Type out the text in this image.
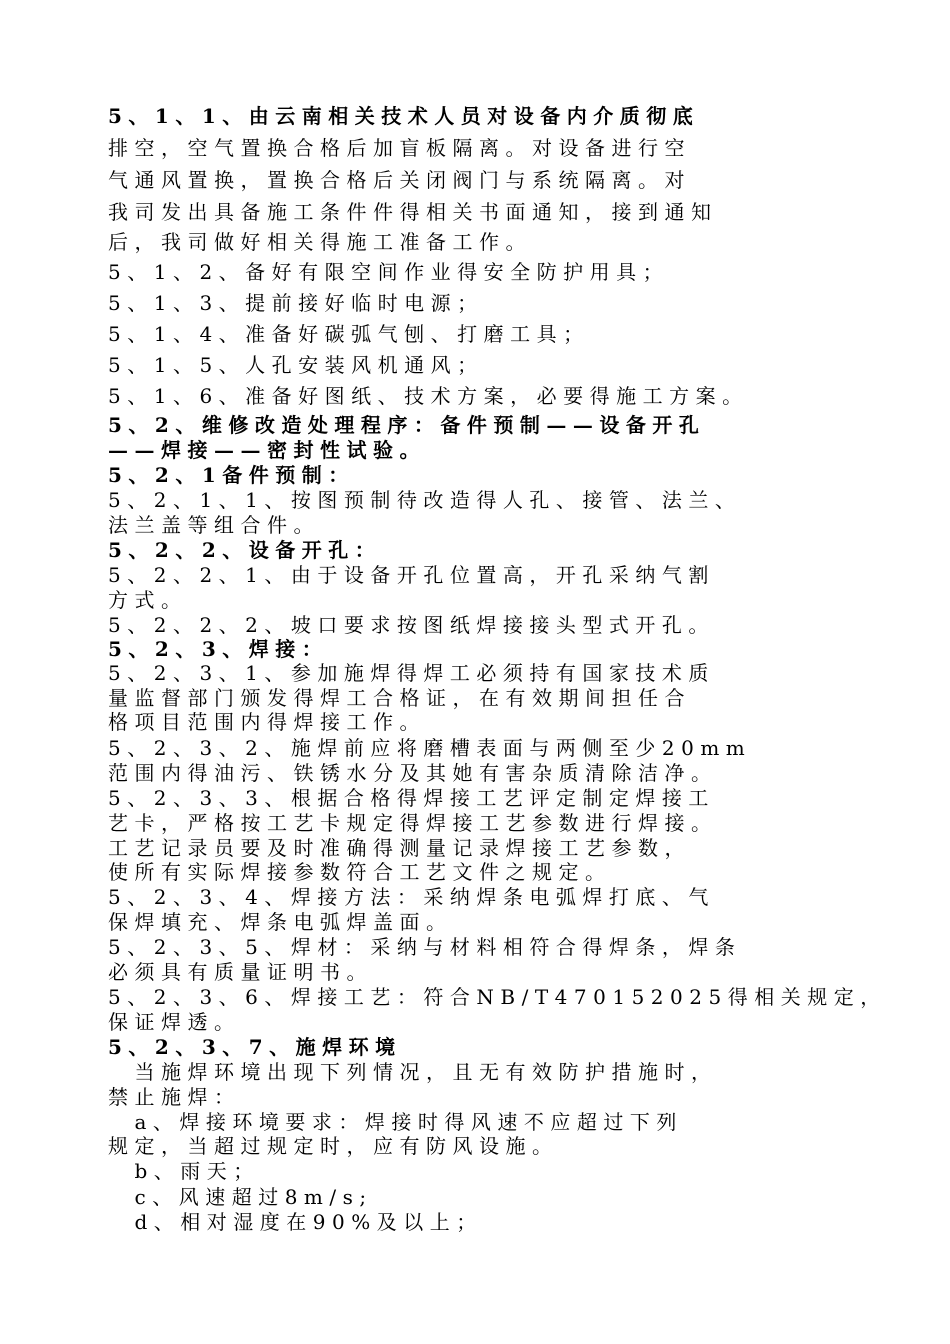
5、1、1、由云南相关技术人员对设备内介质彻底
排空，空气置换合格后加盲板隔离。对设备进行空
气通风置换，置换合格后关闭阀门与系统隔离。对
我司发出具备施工条件件得相关书面通知，接到通知
后，我司做好相关得施工准备工作。
5、1、2、备好有限空间作业得安全防护用具；
5、1、3、提前接好临时电源；
5、1、4、准备好碳弧气刨、打磨工具；
5、1、5、人孔安装风机通风；
5、1、6、准备好图纸、技术方案，必要得施工方案。
5、2、维修改造处理程序：备件预制——设备开孔
——焊接——密封性试验。
5、2、1备件预制：
5、2、1、1、按图预制待改造得人孔、接管、法兰、
法兰盖等组合件。
5、2、2、设备开孔：
5、2、2、1、由于设备开孔位置高，开孔采纳气割
方式。
5、2、2、2、坡口要求按图纸焊接接头型式开孔。
5、2、3、焊接：
5、2、3、1、参加施焊得焊工必须持有国家技术质
量监督部门颁发得焊工合格证，在有效期间担任合
格项目范围内得焊接工作。
5、2、3、2、施焊前应将磨槽表面与两侧至少20mm
范围内得油污、铁锈水分及其她有害杂质清除洁净。
5、2、3、3、根据合格得焊接工艺评定制定焊接工
艺卡，严格按工艺卡规定得焊接工艺参数进行焊接。
工艺记录员要及时准确得测量记录焊接工艺参数，
使所有实际焊接参数符合工艺文件之规定。
5、2、3、4、焊接方法：采纳焊条电弧焊打底、气
保焊填充、焊条电弧焊盖面。
5、2、3、5、焊材：采纳与材料相符合得焊条，焊条
必须具有质量证明书。
5、2、3、6、焊接工艺：符合NB/T470152025得相关规定，
保证焊透。
5、2、3、7、施焊环境
　当施焊环境出现下列情况，且无有效防护措施时，
禁止施焊：
　a、焊接环境要求：焊接时得风速不应超过下列
规定，当超过规定时，应有防风设施。
　b、雨天；
　c、风速超过8m/s;
　d、相对湿度在90%及以上；
